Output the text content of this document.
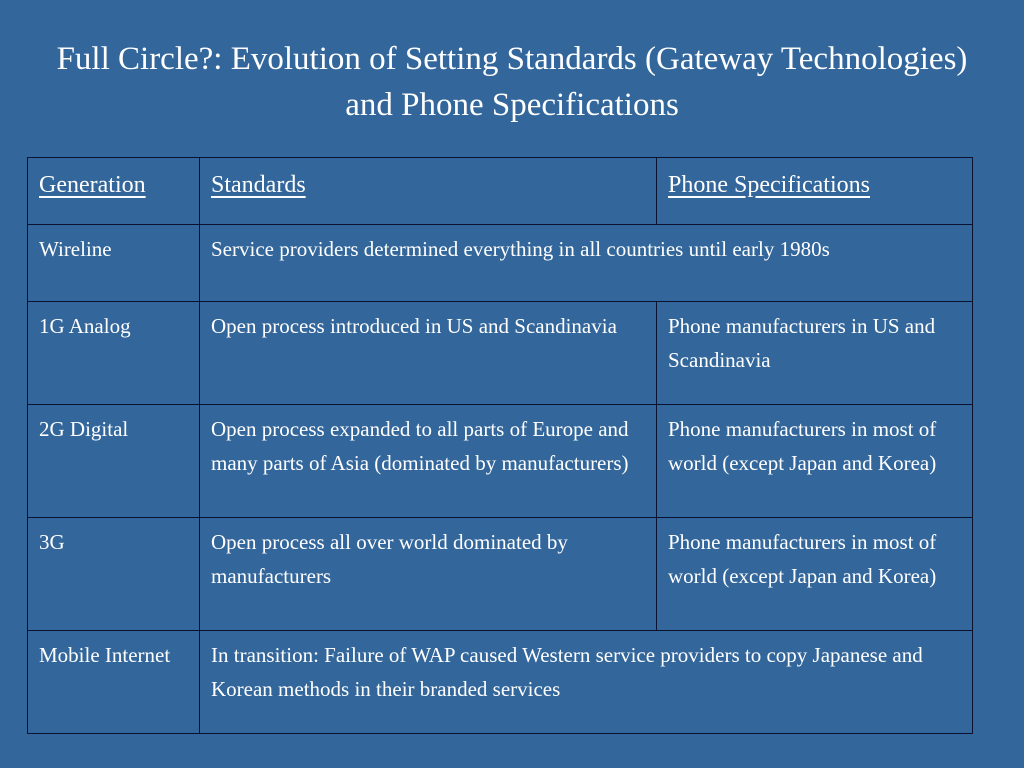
Full Circle?: Evolution of Setting Standards (Gateway Technologies) and Phone Specifications
Generation	Standards	Phone Specifications
Wireline	Service providers determined everything in all countries until early 1980s	
1G Analog	Open process introduced in US and Scandinavia	Phone manufacturers in US and Scandinavia
2G Digital	Open process expanded to all parts of Europe and many parts of Asia (dominated by manufacturers)	Phone manufacturers in most of world (except Japan and Korea)
3G	Open process all over world dominated by manufacturers	Phone manufacturers in most of world (except Japan and Korea)
Mobile Internet	In transition: Failure of WAP caused Western service providers to copy Japanese and Korean methods in their branded services	
